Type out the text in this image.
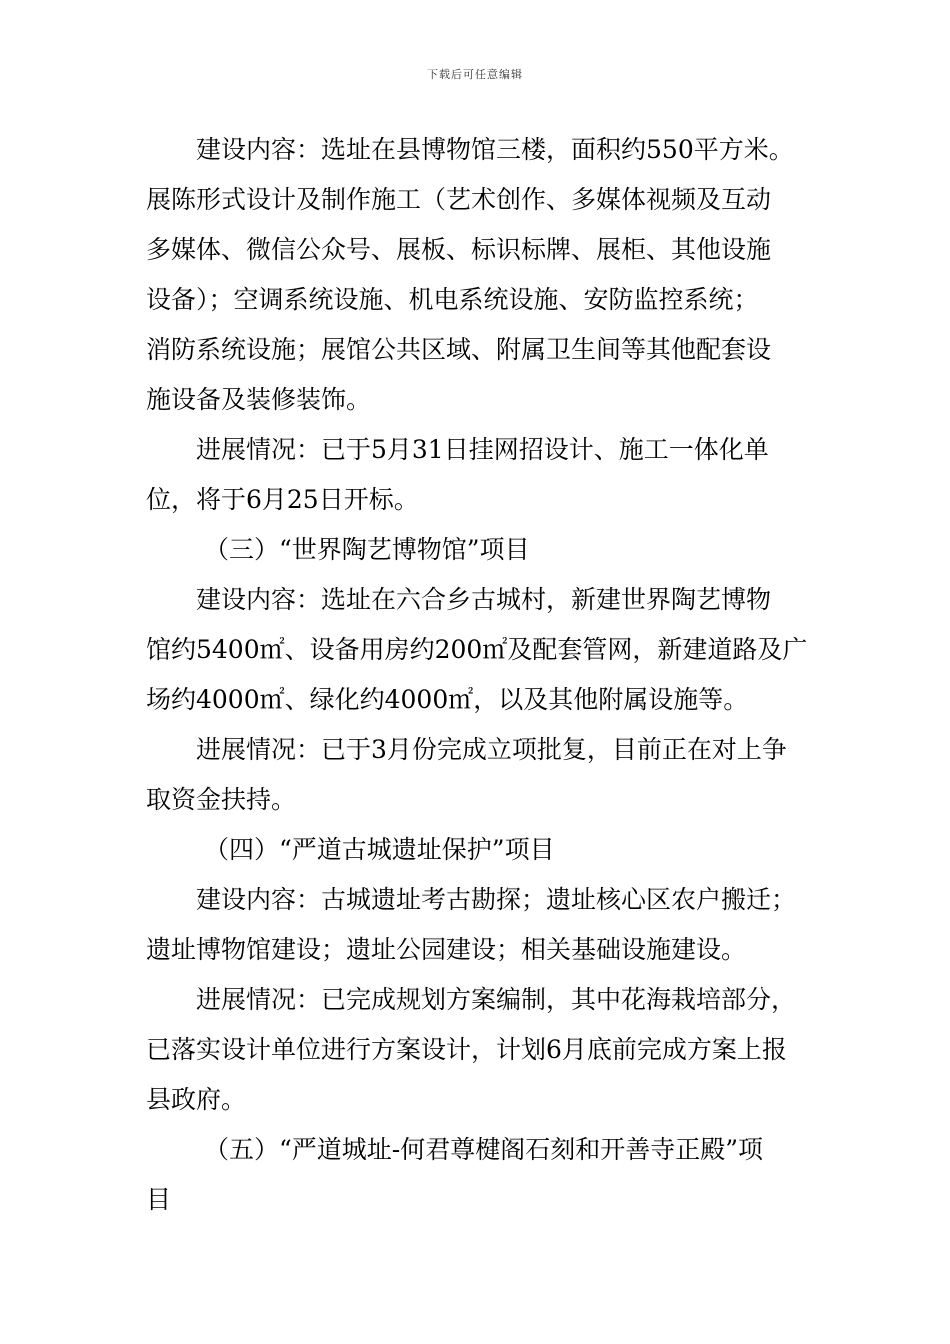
下载后可任意编辑
建设内容：选址在县博物馆三楼，面积约550平方米。
展陈形式设计及制作施工（艺术创作、多媒体视频及互动
多媒体、微信公众号、展板、标识标牌、展柜、其他设施
设备）；空调系统设施、机电系统设施、安防监控系统；
消防系统设施；展馆公共区域、附属卫生间等其他配套设
施设备及装修装饰。
进展情况：已于5月31日挂网招设计、施工一体化单
位，将于6月25日开标。
（三）“世界陶艺博物馆”项目
建设内容：选址在六合乡古城村，新建世界陶艺博物
馆约5400㎡、设备用房约200㎡及配套管网，新建道路及广
场约4000㎡、绿化约4000㎡，以及其他附属设施等。
进展情况：已于3月份完成立项批复，目前正在对上争
取资金扶持。
（四）“严道古城遗址保护”项目
建设内容：古城遗址考古勘探；遗址核心区农户搬迁；
遗址博物馆建设；遗址公园建设；相关基础设施建设。
进展情况：已完成规划方案编制，其中花海栽培部分，
已落实设计单位进行方案设计，计划6月底前完成方案上报
县政府。
（五）“严道城址-何君尊楗阁石刻和开善寺正殿”项
目
